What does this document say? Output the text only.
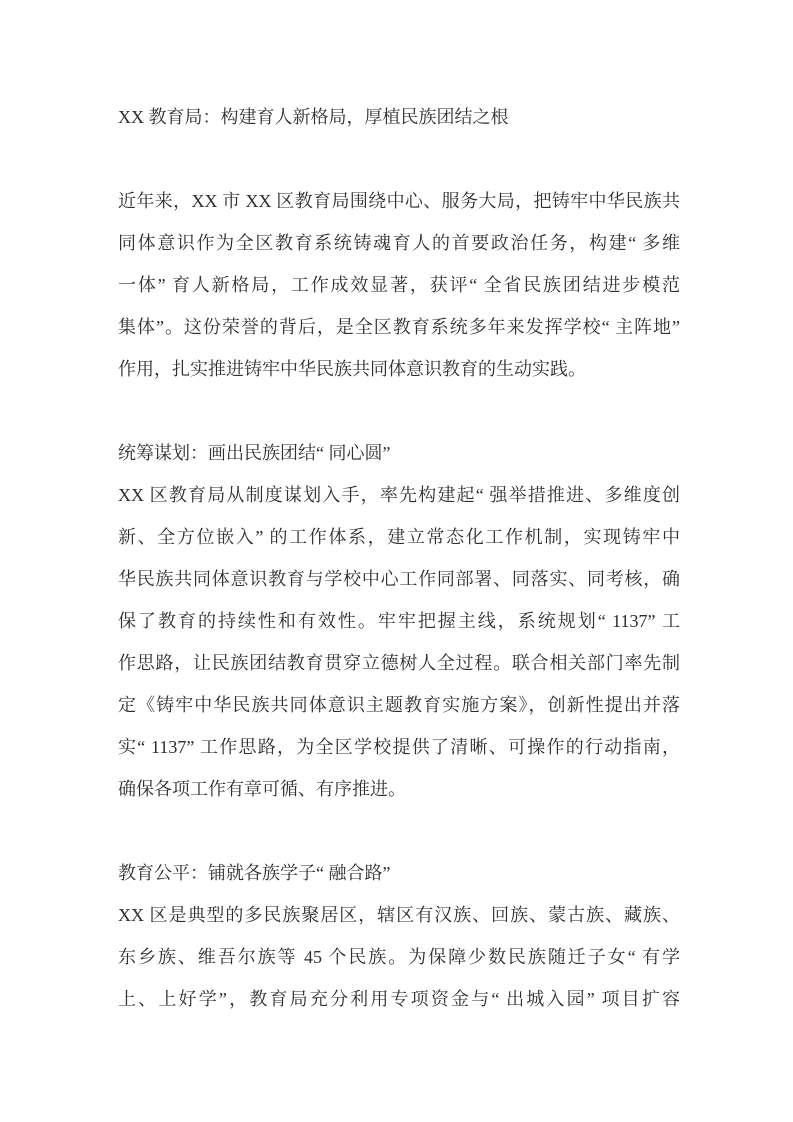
XX 教育局：构建育人新格局，厚植民族团结之根
近年来，XX 市 XX 区教育局围绕中心、服务大局，把铸牢中华民族共
同体意识作为全区教育系统铸魂育人的首要政治任务，构建“ 多维
一体” 育人新格局，工作成效显著，获评“ 全省民族团结进步模范
集体”。这份荣誉的背后，是全区教育系统多年来发挥学校“ 主阵地”
作用，扎实推进铸牢中华民族共同体意识教育的生动实践。
统筹谋划：画出民族团结“ 同心圆”
XX 区教育局从制度谋划入手，率先构建起“ 强举措推进、多维度创
新、全方位嵌入” 的工作体系，建立常态化工作机制，实现铸牢中
华民族共同体意识教育与学校中心工作同部署、同落实、同考核，确
保了教育的持续性和有效性。牢牢把握主线，系统规划“ 1137” 工
作思路，让民族团结教育贯穿立德树人全过程。联合相关部门率先制
定《铸牢中华民族共同体意识主题教育实施方案》，创新性提出并落
实“ 1137” 工作思路，为全区学校提供了清晰、可操作的行动指南，
确保各项工作有章可循、有序推进。
教育公平：铺就各族学子“ 融合路”
XX 区是典型的多民族聚居区，辖区有汉族、回族、蒙古族、藏族、
东乡族、维吾尔族等 45 个民族。为保障少数民族随迁子女“ 有学
上、上好学”，教育局充分利用专项资金与“ 出城入园” 项目扩容
